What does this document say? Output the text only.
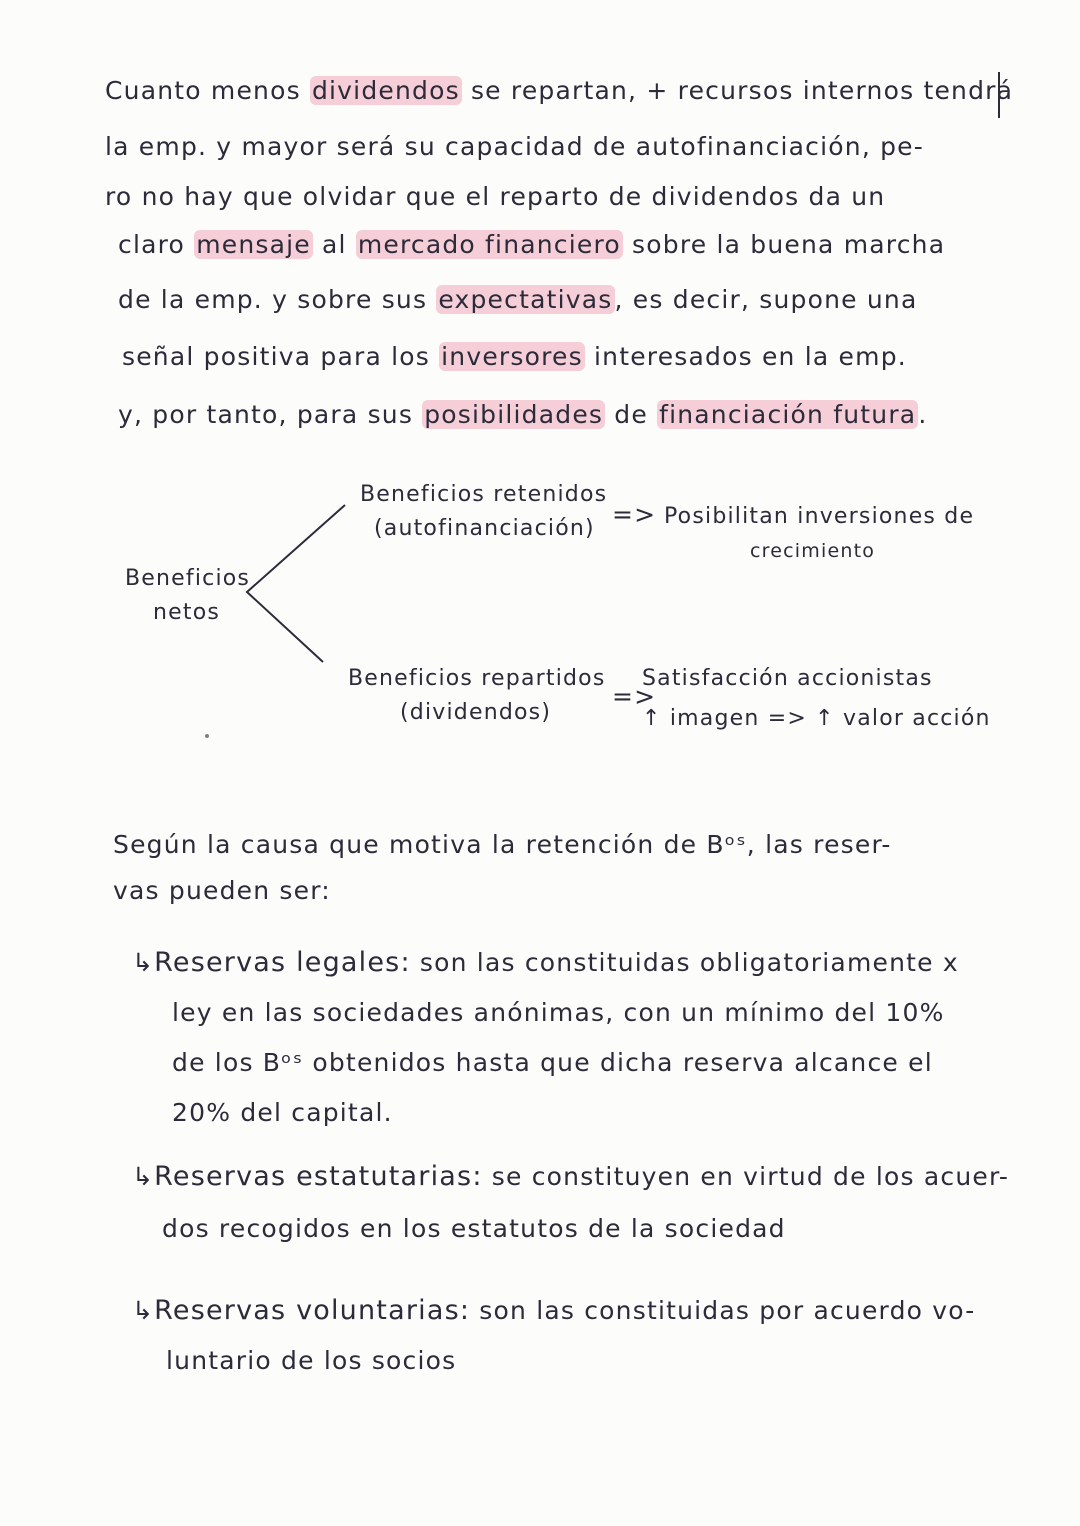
Cuanto menos dividendos se repartan, + recursos internos tendrá
la emp. y mayor será su capacidad de autofinanciación, pe-
ro no hay que olvidar que el reparto de dividendos da un
claro mensaje al mercado financiero sobre la buena marcha
de la emp. y sobre sus expectativas, es decir, supone una
señal positiva para los inversores interesados en la emp.
y, por tanto, para sus posibilidades de financiación futura.
Beneficios
netos
Beneficios retenidos
(autofinanciación) => Posibilitan inversiones de
crecimiento
Beneficios repartidos
(dividendos)
=>
Satisfacción accionistas
↑ imagen => ↑ valor acción
Según la causa que motiva la retención de Bᵒˢ, las reser-
vas pueden ser:
↳Reservas legales: son las constituidas obligatoriamente x
ley en las sociedades anónimas, con un mínimo del 10%
de los Bᵒˢ obtenidos hasta que dicha reserva alcance el
20% del capital.
↳Reservas estatutarias: se constituyen en virtud de los acuer-
dos recogidos en los estatutos de la sociedad
↳Reservas voluntarias: son las constituidas por acuerdo vo-
luntario de los socios
